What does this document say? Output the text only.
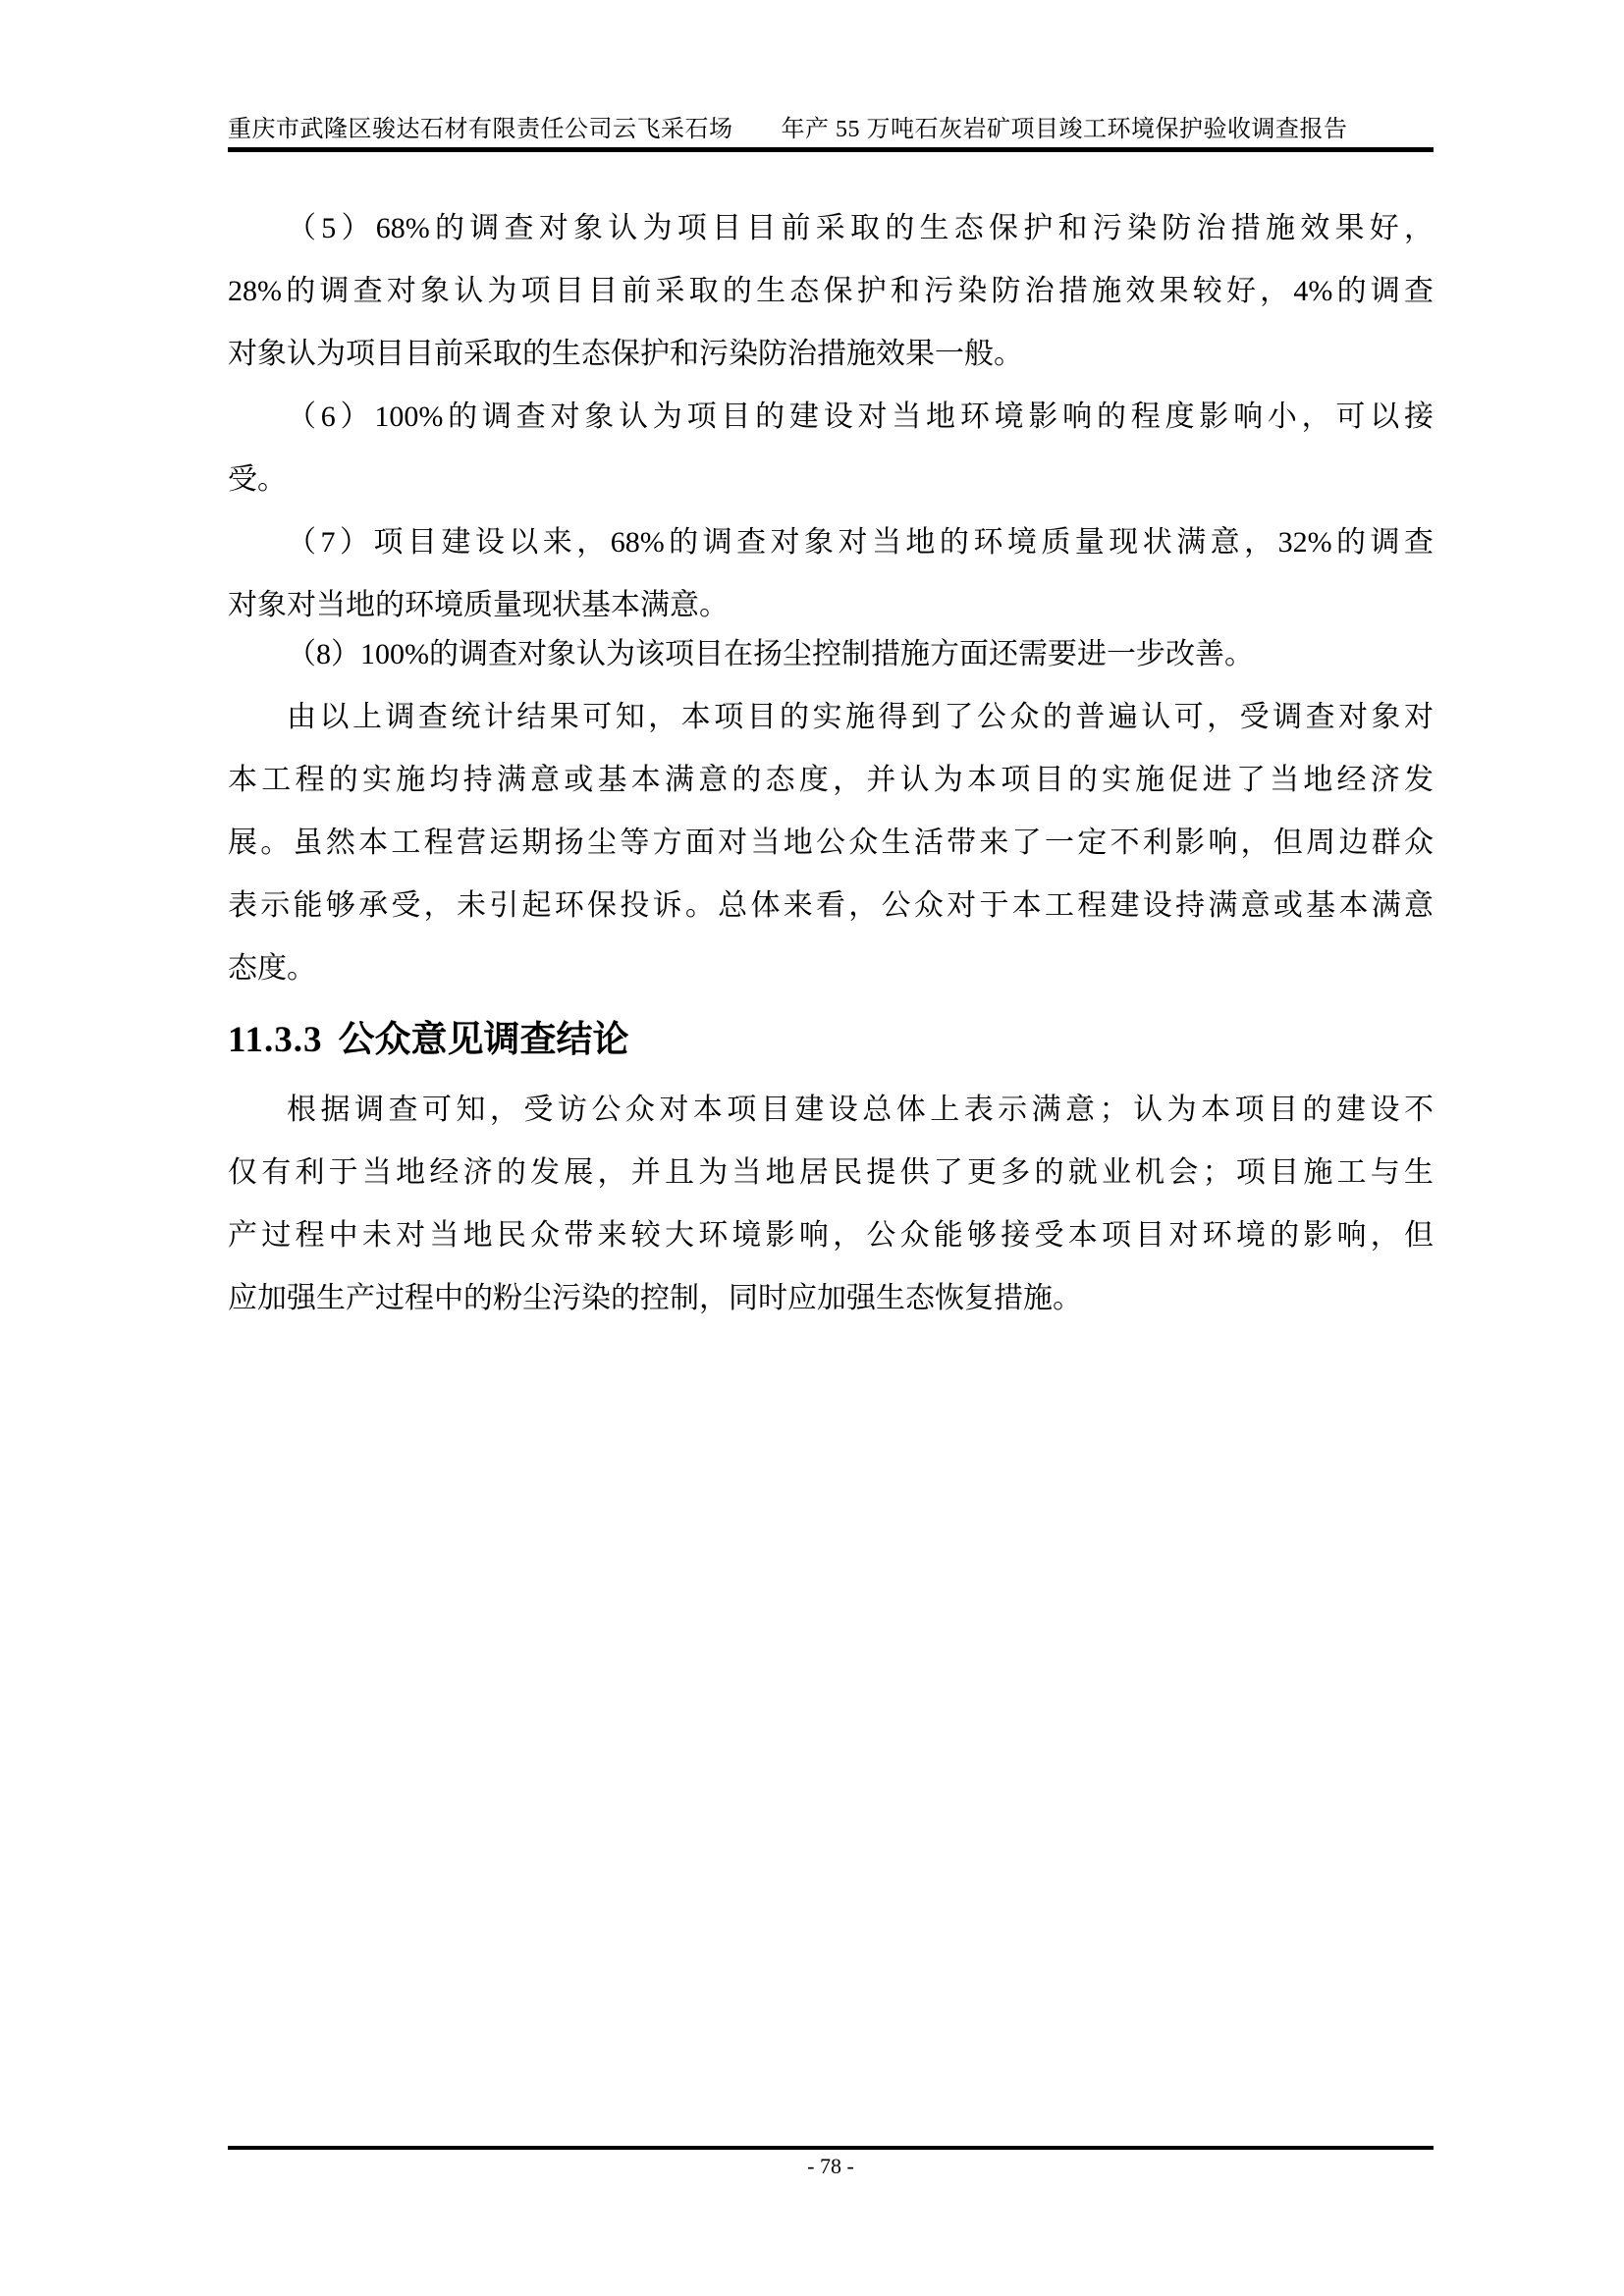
重庆市武隆区骏达石材有限责任公司云飞采石场　　年产 55 万吨石灰岩矿项目竣工环境保护验收调查报告
（5）68%的调查对象认为项目目前采取的生态保护和污染防治措施效果好，
28%的调查对象认为项目目前采取的生态保护和污染防治措施效果较好，4%的调查
对象认为项目目前采取的生态保护和污染防治措施效果一般。
（6）100%的调查对象认为项目的建设对当地环境影响的程度影响小，可以接
受。
（7）项目建设以来，68%的调查对象对当地的环境质量现状满意，32%的调查
对象对当地的环境质量现状基本满意。
（8）100%的调查对象认为该项目在扬尘控制措施方面还需要进一步改善。
由以上调查统计结果可知，本项目的实施得到了公众的普遍认可，受调查对象对
本工程的实施均持满意或基本满意的态度，并认为本项目的实施促进了当地经济发
展。虽然本工程营运期扬尘等方面对当地公众生活带来了一定不利影响，但周边群众
表示能够承受，未引起环保投诉。总体来看，公众对于本工程建设持满意或基本满意
态度。
11.3.3 公众意见调查结论
根据调查可知，受访公众对本项目建设总体上表示满意；认为本项目的建设不
仅有利于当地经济的发展，并且为当地居民提供了更多的就业机会；项目施工与生
产过程中未对当地民众带来较大环境影响，公众能够接受本项目对环境的影响，但
应加强生产过程中的粉尘污染的控制，同时应加强生态恢复措施。
- 78 -
